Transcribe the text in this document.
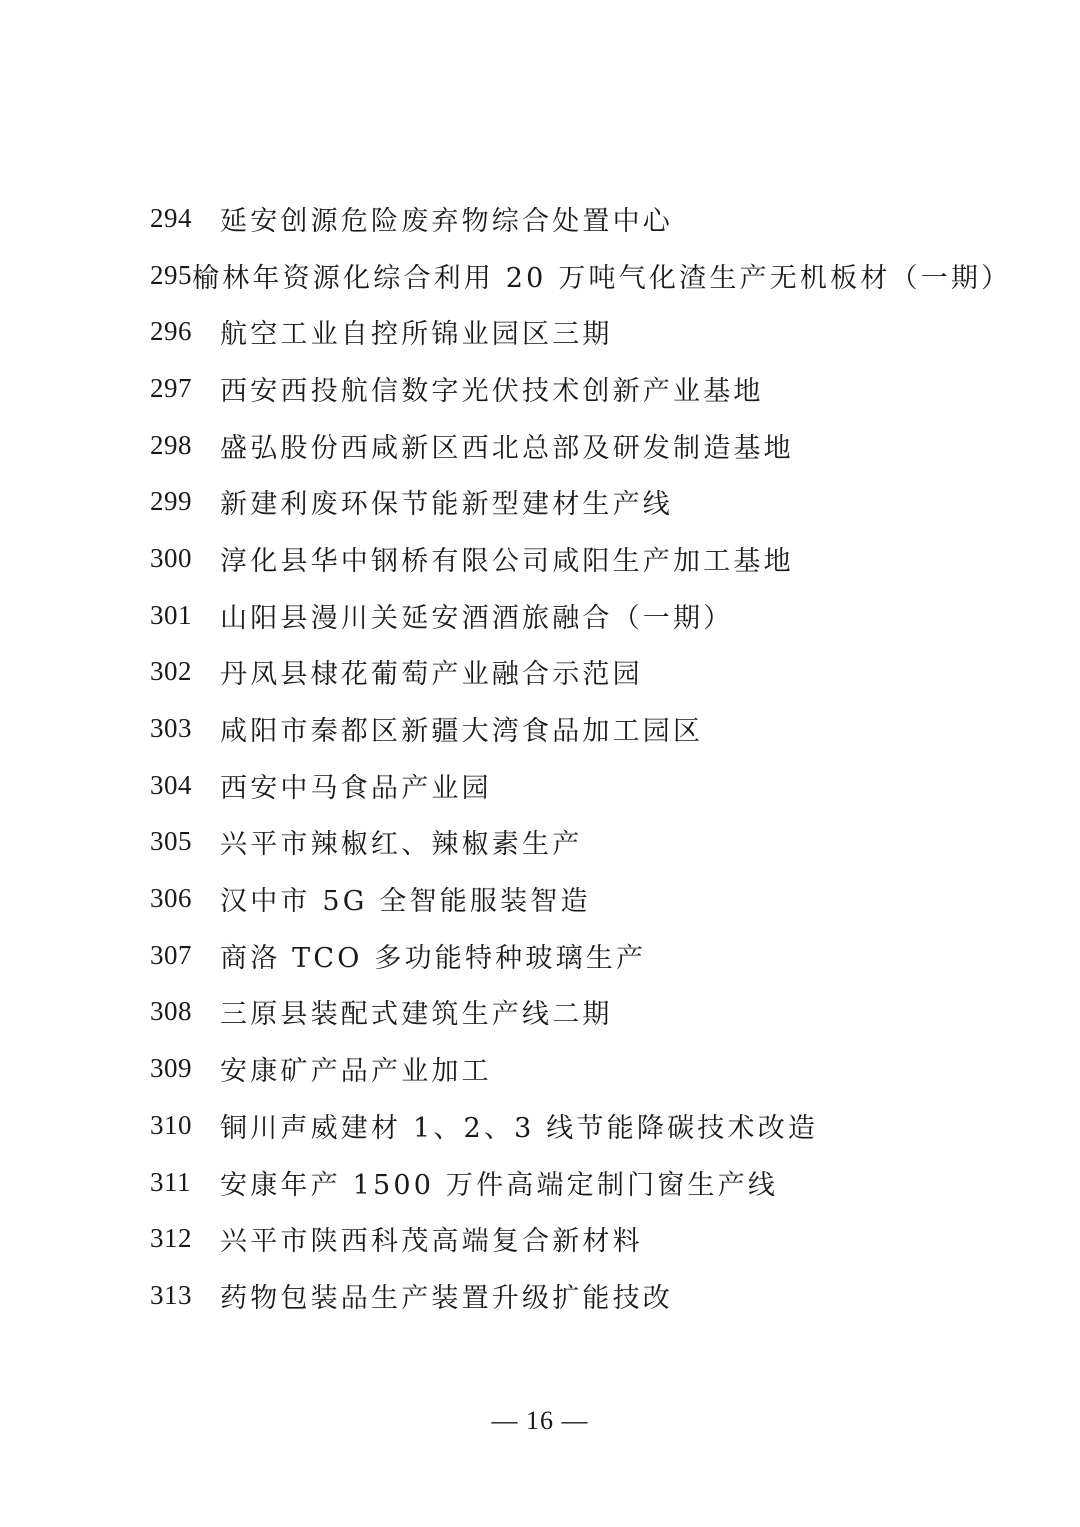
294	延安创源危险废弃物综合处置中心
295 榆林年资源化综合利用 20 万吨气化渣生产无机板材（一期）
296	航空工业自控所锦业园区三期
297	西安西投航信数字光伏技术创新产业基地
298	盛弘股份西咸新区西北总部及研发制造基地
299	新建利废环保节能新型建材生产线
300	淳化县华中钢桥有限公司咸阳生产加工基地
301	山阳县漫川关延安酒酒旅融合（一期）
302	丹凤县棣花葡萄产业融合示范园
303	咸阳市秦都区新疆大湾食品加工园区
304	西安中马食品产业园
305	兴平市辣椒红、辣椒素生产
306	汉中市 5G 全智能服装智造
307	商洛 TCO 多功能特种玻璃生产
308	三原县装配式建筑生产线二期
309	安康矿产品产业加工
310	铜川声威建材 1、2、3 线节能降碳技术改造
311	安康年产 1500 万件高端定制门窗生产线
312	兴平市陕西科茂高端复合新材料
313	药物包装品生产装置升级扩能技改
— 16 —
